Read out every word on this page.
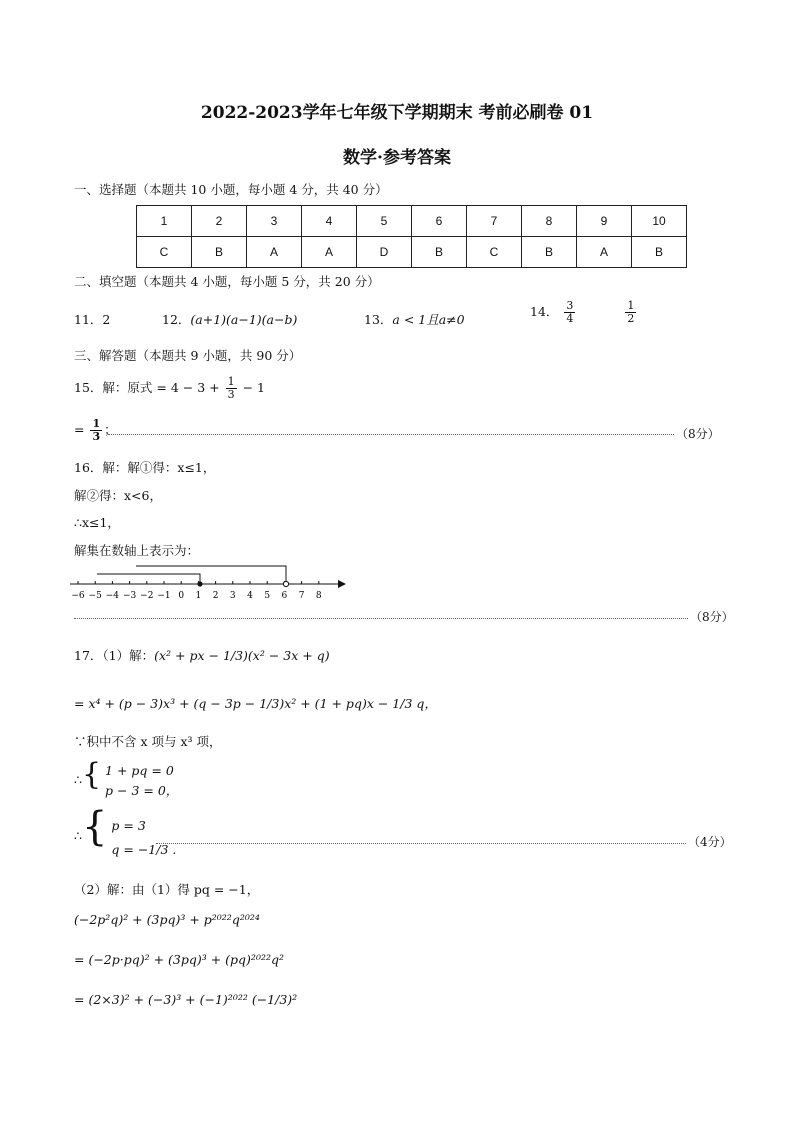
2022-2023学年七年级下学期期末 考前必刷卷 01
数学·参考答案
一、选择题（本题共 10 小题，每小题 4 分，共 40 分）
1	2	3	4	5	6	7	8	9	10
C	B	A	A	D	B	C	B	A	B
二、填空题（本题共 4 小题，每小题 5 分，共 20 分）
11．2	12．(a+1)(a−1)(a−b)	13．a < 1且a≠0
14． $\frac{3}{4}$
	$\frac{1}{2}$
三、解答题（本题共 9 小题，共 90 分）
15．解：原式 = $4 - 3 + \frac{1}{3} - 1$
= $\frac{1}{3}$ ；	（8分）
16．解：解①得：x≤1，
解②得：x<6，
∴x≤1，
解集在数轴上表示为：
−6 −5 −4 −3 −2 −1 0 1 2 3 4 5 6 7 8
（8分）
17．（1）解：(x² + px − 1/3)(x² − 3x + q)
= x⁴ + (p − 3)x³ + (q − 3p − 1/3)x² + (1 + pq)x − 1/3 q，
∵积中不含 x 项与 x³ 项，
∴{ 1 + pq = 0
p − 3 = 0，
∴{ p = 3
q = −1/3 .	（4分）
（2）解：由（1）得 pq = −1，
(−2p²q)² + (3pq)³ + p²⁰²²q²⁰²⁴
= (−2p·pq)² + (3pq)³ + (pq)²⁰²²q²
= (2×3)² + (−3)³ + (−1)²⁰²² (−1/3)²
